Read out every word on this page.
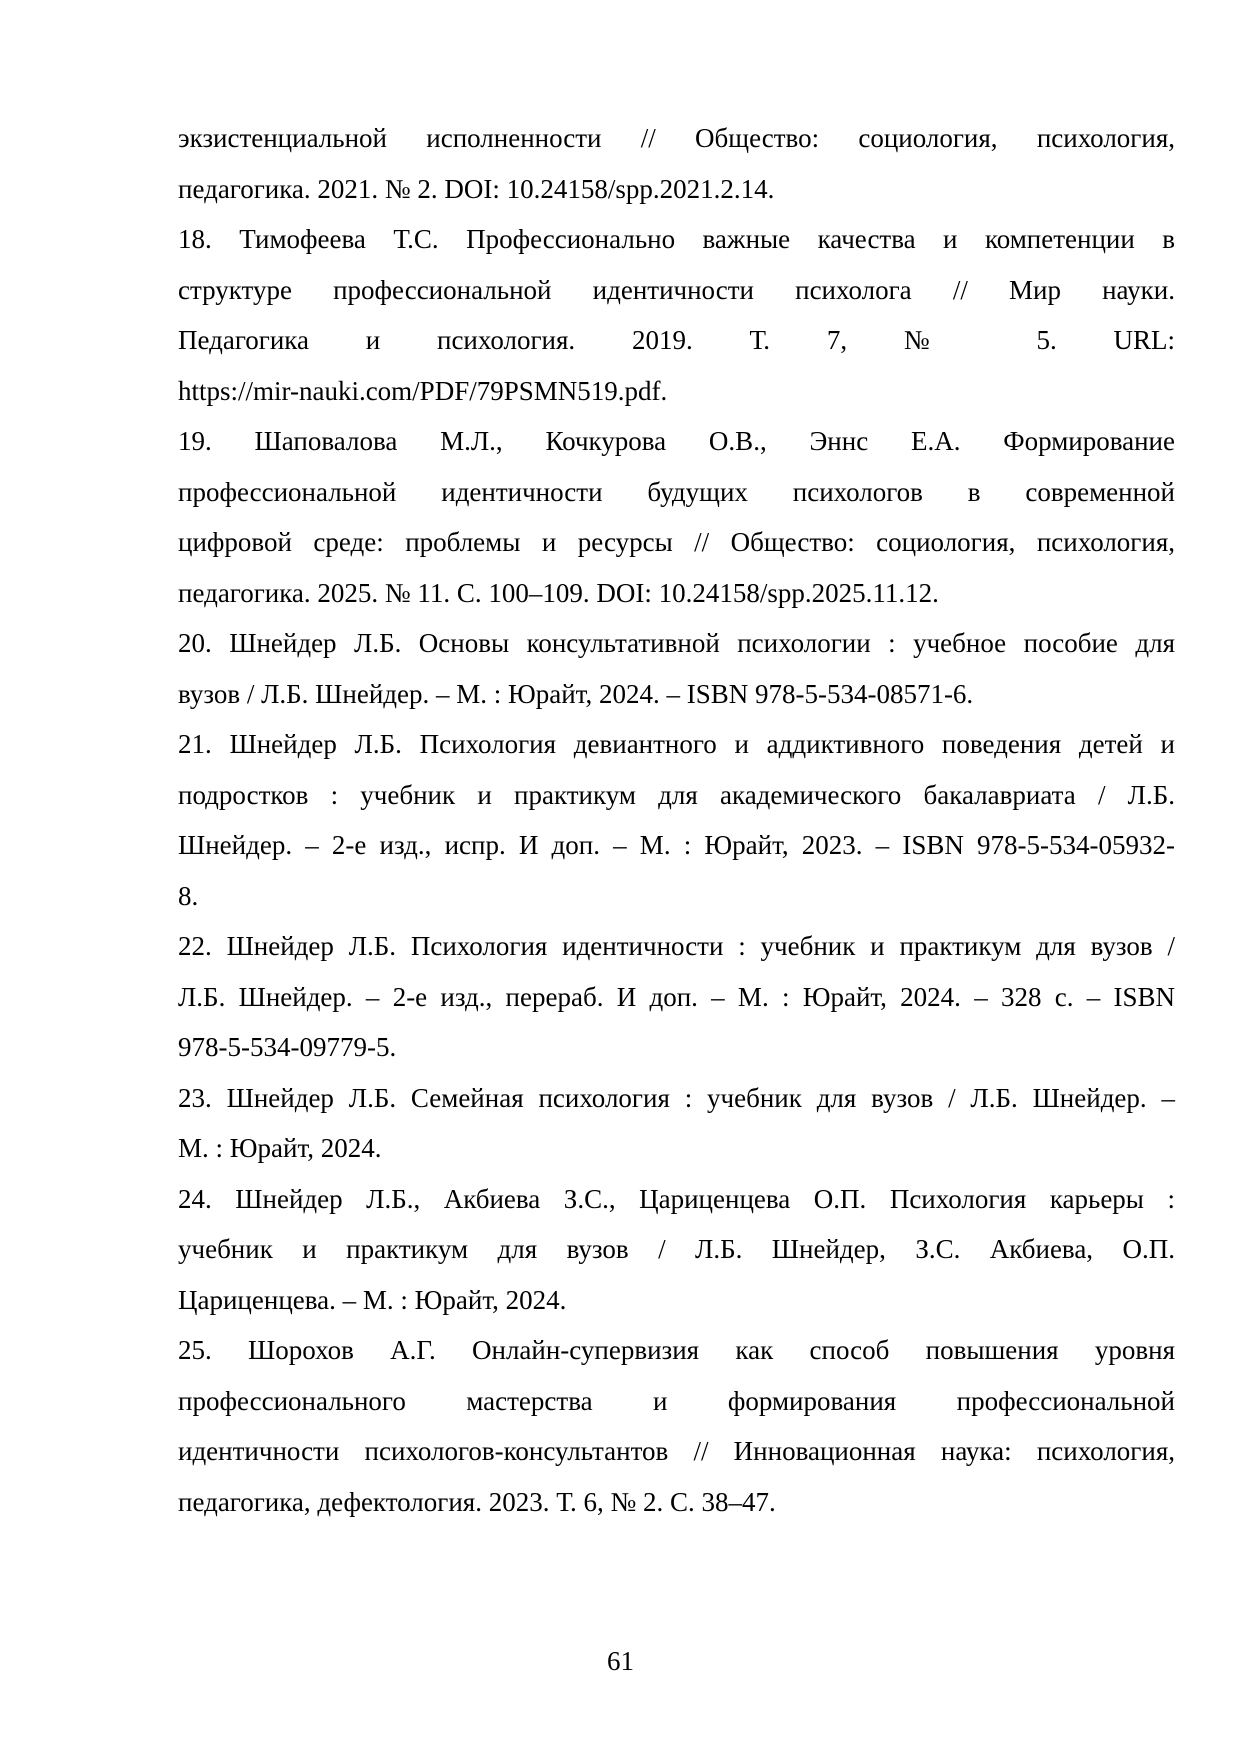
экзистенциальной исполненности // Общество: социология, психология,
педагогика. 2021. № 2. DOI: 10.24158/spp.2021.2.14.
18. Тимофеева Т.С. Профессионально важные качества и компетенции в
структуре профессиональной идентичности психолога // Мир науки.
Педагогика и психология. 2019. Т. 7, № 5. URL:
https://mir-nauki.com/PDF/79PSMN519.pdf.
19. Шаповалова М.Л., Кочкурова О.В., Эннс Е.А. Формирование
профессиональной идентичности будущих психологов в современной
цифровой среде: проблемы и ресурсы // Общество: социология, психология,
педагогика. 2025. № 11. С. 100–109. DOI: 10.24158/spp.2025.11.12.
20. Шнейдер Л.Б. Основы консультативной психологии : учебное пособие для
вузов / Л.Б. Шнейдер. – М. : Юрайт, 2024. – ISBN 978-5-534-08571-6.
21. Шнейдер Л.Б. Психология девиантного и аддиктивного поведения детей и
подростков : учебник и практикум для академического бакалавриата / Л.Б.
Шнейдер. – 2-е изд., испр. И доп. – М. : Юрайт, 2023. – ISBN 978-5-534-05932-
8.
22. Шнейдер Л.Б. Психология идентичности : учебник и практикум для вузов /
Л.Б. Шнейдер. – 2-е изд., перераб. И доп. – М. : Юрайт, 2024. – 328 с. – ISBN
978-5-534-09779-5.
23. Шнейдер Л.Б. Семейная психология : учебник для вузов / Л.Б. Шнейдер. –
М. : Юрайт, 2024.
24. Шнейдер Л.Б., Акбиева З.С., Цариценцева О.П. Психология карьеры :
учебник и практикум для вузов / Л.Б. Шнейдер, З.С. Акбиева, О.П.
Цариценцева. – М. : Юрайт, 2024.
25. Шорохов А.Г. Онлайн-супервизия как способ повышения уровня
профессионального мастерства и формирования профессиональной
идентичности психологов-консультантов // Инновационная наука: психология,
педагогика, дефектология. 2023. Т. 6, № 2. С. 38–47.
61
